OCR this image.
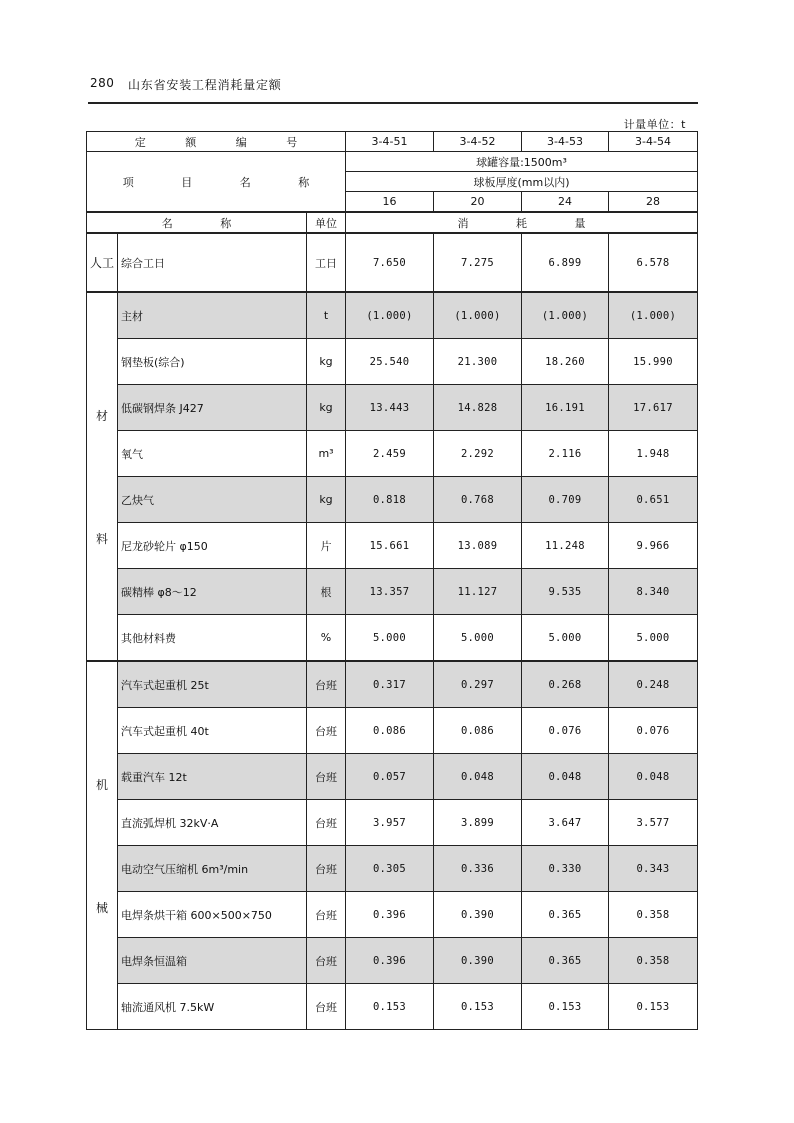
280 山东省安装工程消耗量定额
计量单位：t
定 额 编 号			3-4-51	3-4-52	3-4-53	3-4-54
项 目 名 称			球罐容量:1500m³			
			球板厚度(mm以内)			
			16	20	24	28
名 称		单位	消 耗 量			
人工	综合工日	工日	7.650	7.275	6.899	6.578

材
料	主材	t	(1.000)	(1.000)	(1.000)	(1.000)
	钢垫板(综合)	kg	25.540	21.300	18.260	15.990
	低碳钢焊条 J427	kg	13.443	14.828	16.191	17.617
	氧气	m³	2.459	2.292	2.116	1.948
	乙炔气	kg	0.818	0.768	0.709	0.651
	尼龙砂轮片 φ150	片	15.661	13.089	11.248	9.966
	碳精棒 φ8～12	根	13.357	11.127	9.535	8.340
	其他材料费	%	5.000	5.000	5.000	5.000

机
械	汽车式起重机 25t	台班	0.317	0.297	0.268	0.248
	汽车式起重机 40t	台班	0.086	0.086	0.076	0.076
	载重汽车 12t	台班	0.057	0.048	0.048	0.048
	直流弧焊机 32kV·A	台班	3.957	3.899	3.647	3.577
	电动空气压缩机 6m³/min	台班	0.305	0.336	0.330	0.343
	电焊条烘干箱 600×500×750	台班	0.396	0.390	0.365	0.358
	电焊条恒温箱	台班	0.396	0.390	0.365	0.358
	轴流通风机 7.5kW	台班	0.153	0.153	0.153	0.153
